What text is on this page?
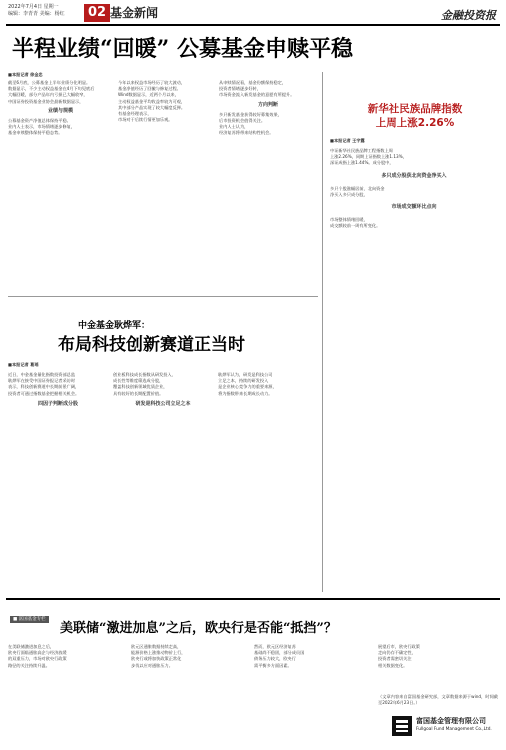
2022年7月4日 星期一
编辑：李青青 美编：杨红	02 基金新闻	金融投资报
半程业绩“回暖” 公募基金申赎平稳
■本报记者 徐金忠
截至6月底，公募基金上半年业绩分化明显。
数据显示，不少主动权益基金在4月下旬见底后
大幅回暖，部分产品年内亏损已大幅收窄，
中国证券投资基金业协会最新数据显示，
业绩与规模
公募基金资产净值总体保持平稳。
业内人士表示，市场情绪逐步修复，
基金申赎整体保持平稳态势。
今年以来权益市场经历了较大波动，
基金净值经历了回撤与修复过程。
Wind数据显示，近两个月以来，
主动权益基金平均收益率较为可观，
其中部分产品实现了较大幅度反弹。
有基金经理表示，
市场对于后续行情更加乐观。
从申赎情况看，基金份额保持稳定，
投资者情绪逐步好转，
市场资金流入新发基金的意愿有所提升。
方向判断
多只新发基金获得较好募集效果，
后市投资机会值得关注。
业内人士认为，
经济复苏将带来结构性机会。
新华社民族品牌指数
上周上涨2.26%
■本报记者 王宇露
中证新华社民族品牌工程指数上周
上涨2.26%，同期上证指数上涨1.13%，
深证成指上涨1.44%。成分股中，
多只成分股获北向资金净买入
多只个股涨幅居前，北向资金
净买入多只成分股，
市场成交额环比点向
市场整体情绪回暖，
成交额较前一周有所变化。
中金基金耿烨军：
布局科技创新赛道正当时
■本报记者 葛瑶
近日，中金基金量化指数投资部总监
耿烨军在接受中国证券报记者采访时
表示，科技创新赛道中长期前景广阔，
投资者可通过指数基金把握相关机会。
四因子判断成分股
创业板科技成长指数从研发投入、
成长性等维度筛选成分股，
覆盖科技创新领域优质企业，
具有较好的长期配置价值。
研发是科技公司立足之本
耿烨军认为，研发是科技公司
立足之本，持续的研发投入
是企业核心竞争力的重要来源，
将为指数带来长期成长动力。
■ 富国基金专栏
美联储“激进加息”之后，欧央行是否能“抵挡”？
在美联储激进加息之后，
欧央行面临通胀高企与经济放缓
的双重压力，市场对欧央行政策
路径的关注持续升温。
欧元区通胀数据持续走高，
能源价格上涨推动物价上行，
欧央行或将加快政策正常化
步伐以应对通胀压力。
然而，欧元区经济复苏
基础尚不稳固，部分成员国
债务压力较大，欧央行
需平衡多方面因素。
展望后市，欧央行政策
走向仍存不确定性，
投资者需密切关注
相关数据变化。
（文章内容来自富国基金研究部，文章数据来源于wind，时间截至2022年6月23日。）
富国基金管理有限公司
Fullgoal Fund Management Co.,Ltd.
